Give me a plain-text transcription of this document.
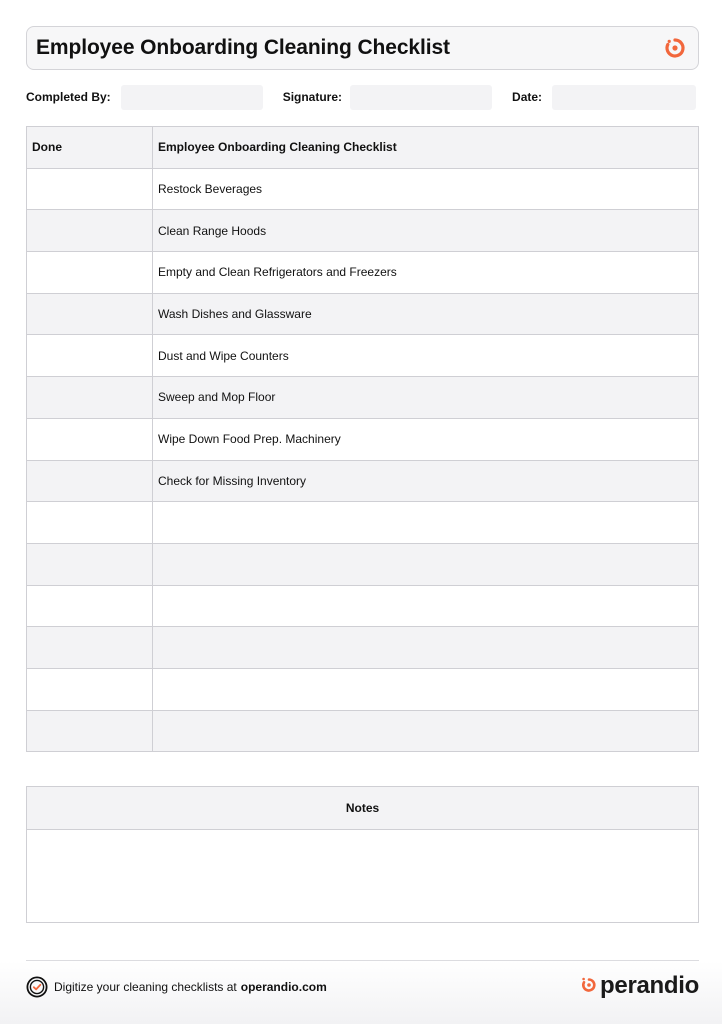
Employee Onboarding Cleaning Checklist
Completed By:	Signature:	Date:
Done	Employee Onboarding Cleaning Checklist
	Restock Beverages
	Clean Range Hoods
	Empty and Clean Refrigerators and Freezers
	Wash Dishes and Glassware
	Dust and Wipe Counters
	Sweep and Mop Floor
	Wipe Down Food Prep. Machinery
	Check for Missing Inventory

Notes
Digitize your cleaning checklists at operandio.com	perandio
